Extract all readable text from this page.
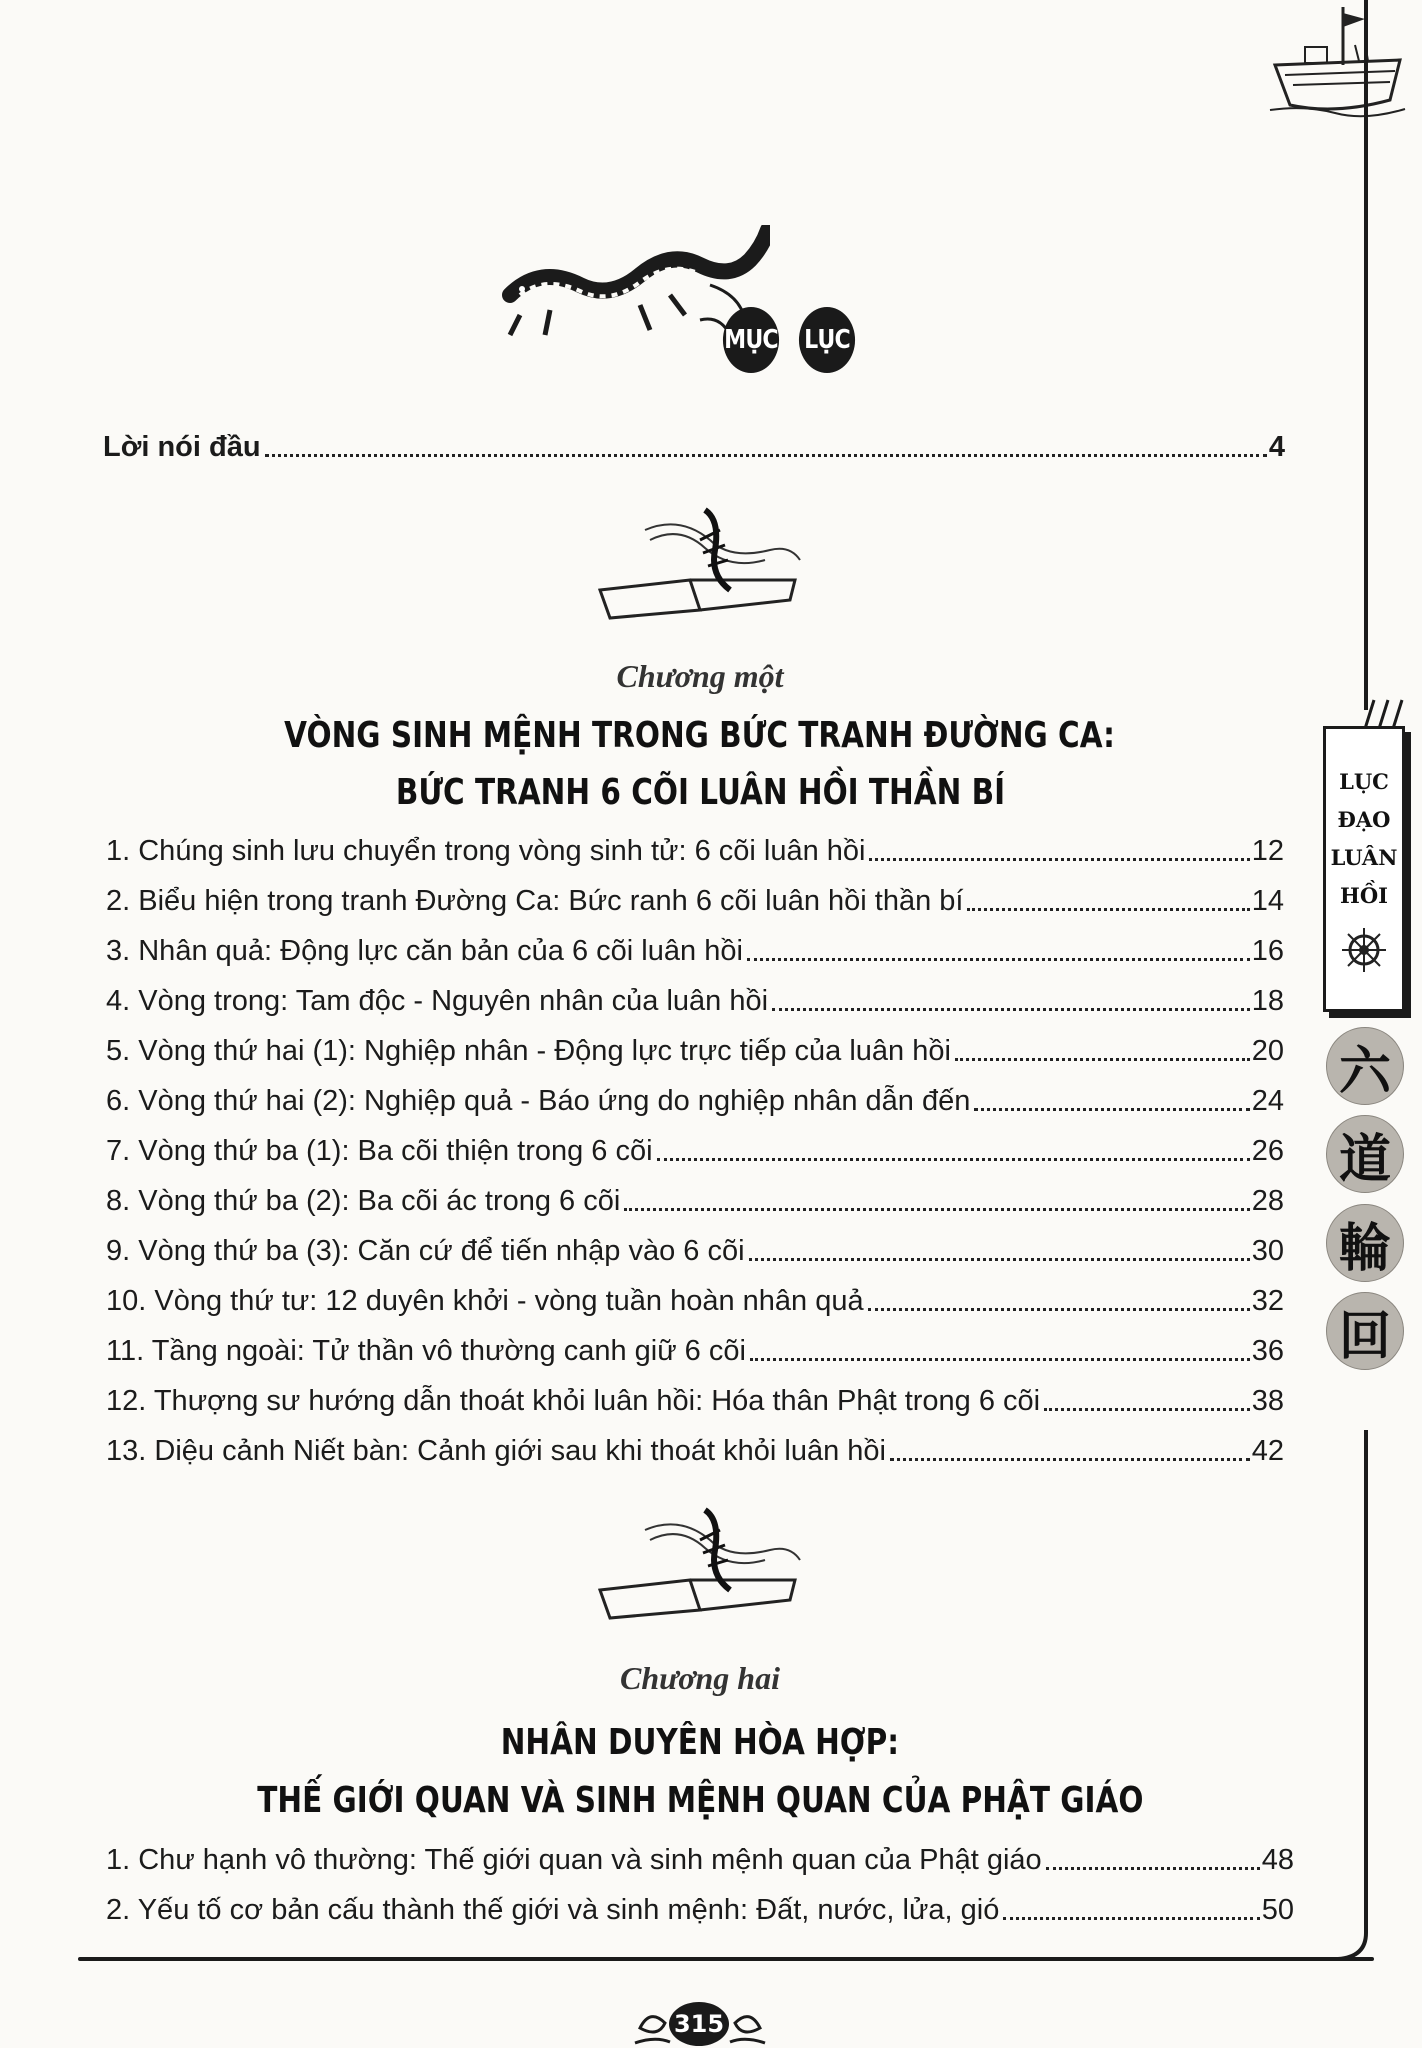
LỤC
ĐẠO
LUÂN
HỒI
六
道
輪
回
MỤC LỤC
Lời nói đầu	4
Chương một
VÒNG SINH MỆNH TRONG BỨC TRANH ĐƯỜNG CA:
BỨC TRANH 6 CÕI LUÂN HỒI THẦN BÍ
1. Chúng sinh lưu chuyển trong vòng sinh tử: 6 cõi luân hồi	12
2. Biểu hiện trong tranh Đường Ca: Bức ranh 6 cõi luân hồi thần bí	14
3. Nhân quả: Động lực căn bản của 6 cõi luân hồi	16
4. Vòng trong: Tam độc - Nguyên nhân của luân hồi	18
5. Vòng thứ hai (1): Nghiệp nhân - Động lực trực tiếp của luân hồi	20
6. Vòng thứ hai (2): Nghiệp quả - Báo ứng do nghiệp nhân dẫn đến	24
7. Vòng thứ ba (1): Ba cõi thiện trong 6 cõi	26
8. Vòng thứ ba (2): Ba cõi ác trong 6 cõi	28
9. Vòng thứ ba (3): Căn cứ để tiến nhập vào 6 cõi	30
10. Vòng thứ tư: 12 duyên khởi - vòng tuần hoàn nhân quả	32
11. Tầng ngoài: Tử thần vô thường canh giữ 6 cõi	36
12. Thượng sư hướng dẫn thoát khỏi luân hồi: Hóa thân Phật trong 6 cõi	38
13. Diệu cảnh Niết bàn: Cảnh giới sau khi thoát khỏi luân hồi	42
Chương hai
NHÂN DUYÊN HÒA HỢP:
THẾ GIỚI QUAN VÀ SINH MỆNH QUAN CỦA PHẬT GIÁO
1. Chư hạnh vô thường: Thế giới quan và sinh mệnh quan của Phật giáo	48
2. Yếu tố cơ bản cấu thành thế giới và sinh mệnh: Đất, nước, lửa, gió	50
315
